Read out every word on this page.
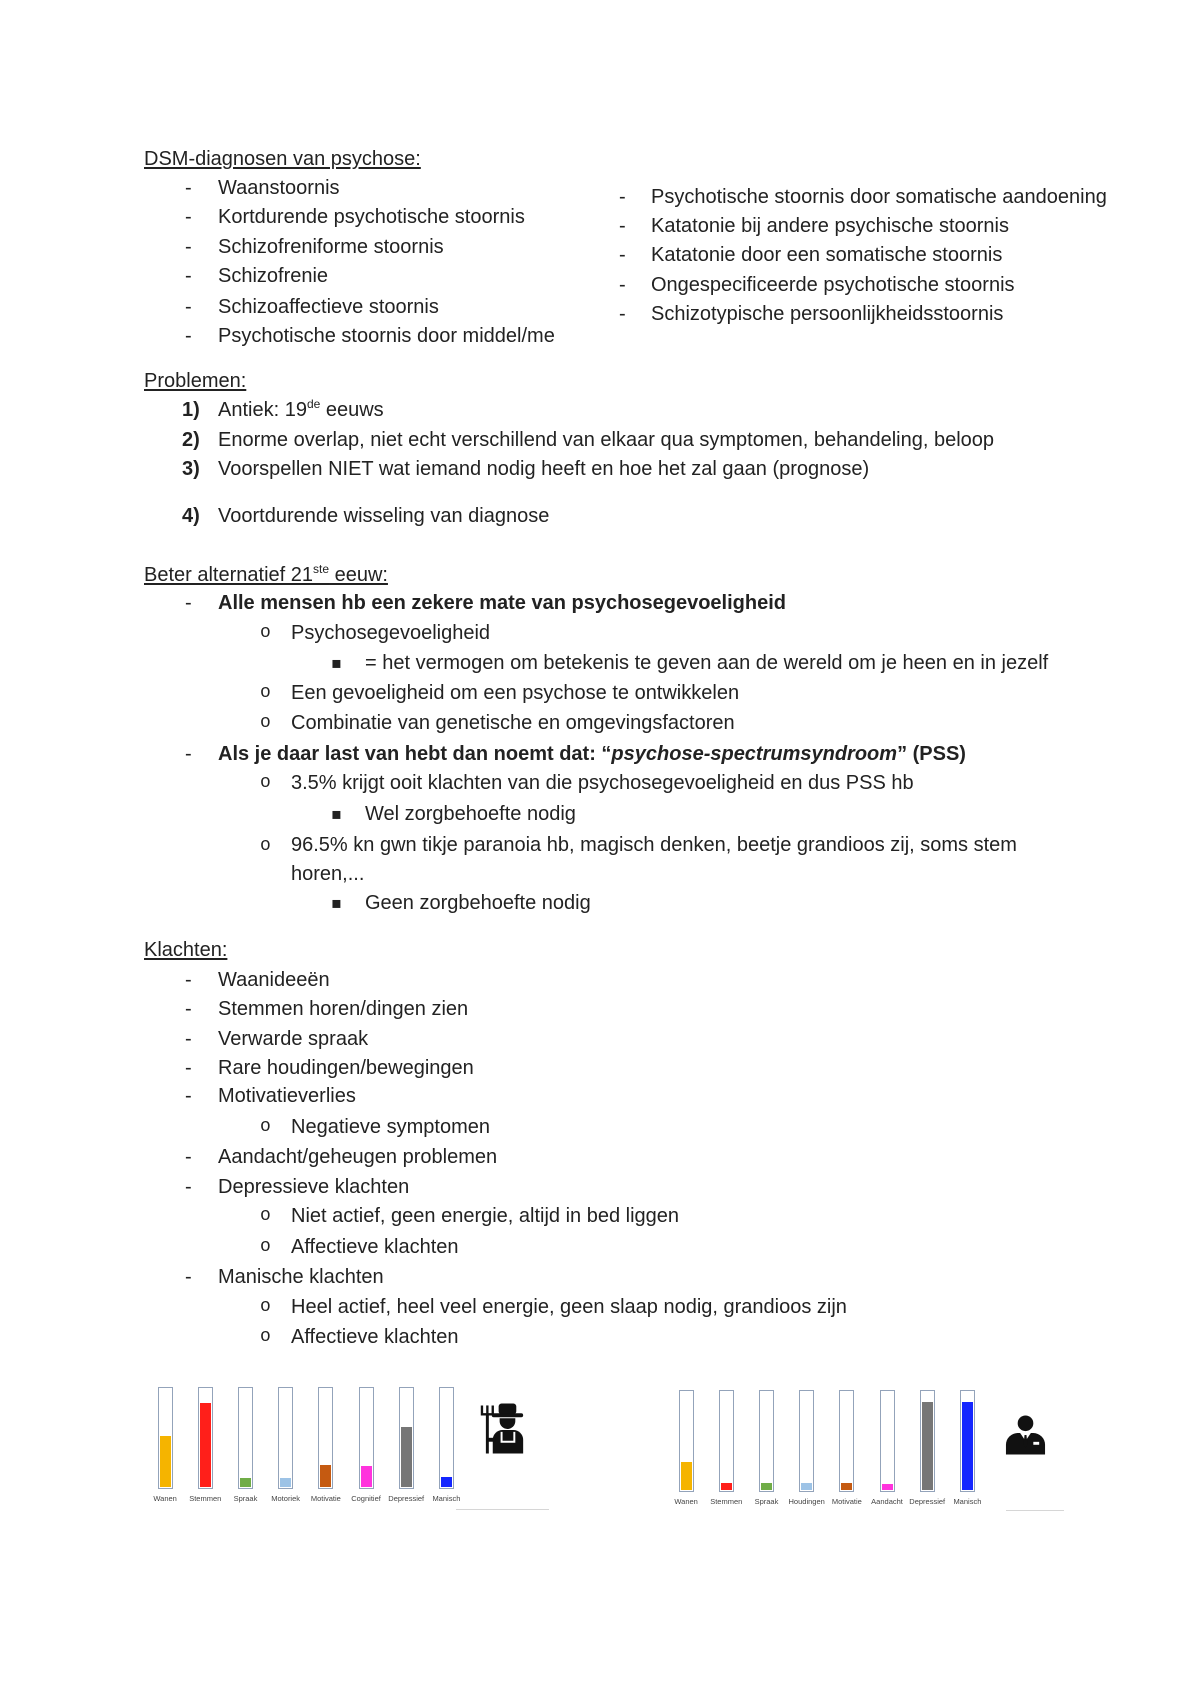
DSM-diagnosen van psychose:
- Waanstoornis
- Kortdurende psychotische stoornis
- Schizofreniforme stoornis
- Schizofrenie
- Schizoaffectieve stoornis
- Psychotische stoornis door middel/me
- Psychotische stoornis door somatische aandoening
- Katatonie bij andere psychische stoornis
- Katatonie door een somatische stoornis
- Ongespecificeerde psychotische stoornis
- Schizotypische persoonlijkheidsstoornis
Problemen:
1) Antiek: 19de eeuws
2) Enorme overlap, niet echt verschillend van elkaar qua symptomen, behandeling, beloop
3) Voorspellen NIET wat iemand nodig heeft en hoe het zal gaan (prognose)
4) Voortdurende wisseling van diagnose
Beter alternatief 21ste eeuw:
- Alle mensen hb een zekere mate van psychosegevoeligheid
o Psychosegevoeligheid
▪ = het vermogen om betekenis te geven aan de wereld om je heen en in jezelf
o Een gevoeligheid om een psychose te ontwikkelen
o Combinatie van genetische en omgevingsfactoren
- Als je daar last van hebt dan noemt dat: “psychose-spectrumsyndroom” (PSS)
o 3.5% krijgt ooit klachten van die psychosegevoeligheid en dus PSS hb
▪ Wel zorgbehoefte nodig
o 96.5% kn gwn tikje paranoia hb, magisch denken, beetje grandioos zij, soms stem horen,...
▪ Geen zorgbehoefte nodig
Klachten:
- Waanideeën
- Stemmen horen/dingen zien
- Verwarde spraak
- Rare houdingen/bewegingen
- Motivatieverlies
o Negatieve symptomen
- Aandacht/geheugen problemen
- Depressieve klachten
o Niet actief, geen energie, altijd in bed liggen
o Affectieve klachten
- Manische klachten
o Heel actief, heel veel energie, geen slaap nodig, grandioos zijn
o Affectieve klachten
Wanen Stemmen Spraak Motoriek Motivatie Cognitief Depressief Manisch	Wanen Stemmen Spraak Houdingen Motivatie Aandacht Depressief Manisch
